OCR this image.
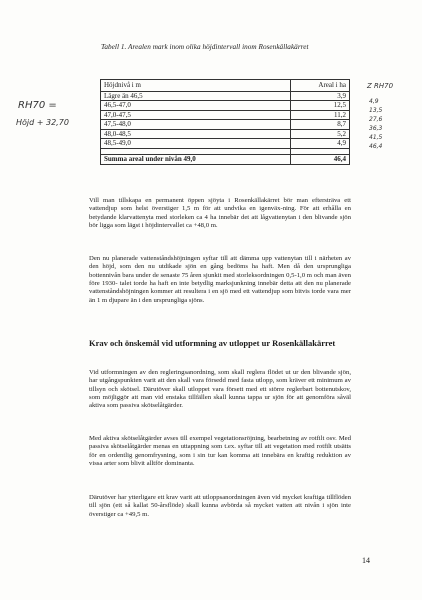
Tabell 1. Arealen mark inom olika höjdintervall inom Rosenkällakärret
Höjdnivå i m	Areal i ha
Lägre än 46,5	3,9
46,5-47,0	12,5
47,0-47,5	11,2
47,5-48,0	8,7
48,0-48,5	5,2
48,5-49,0	4,9

Summa areal under nivån 49,0	46,4
RH70 =
Höjd + 32,70
Z RH70
4,9
13,5
27,6
36,3
41,5
46,4

Vill man tillskapa en permanent öppen sjöyta i Rosenkällakärret bör man eftersträva ett vattendjup som helst överstiger 1,5 m för att undvika en igenväx-ning. För att erhålla en betydande klarvattenyta med storleken ca 4 ha innebär det att lågvattenytan i den blivande sjön bör ligga som lägst i höjdintervallet ca +48,0 m.

Den nu planerade vattenståndshöjningen syftar till att dämma upp vattenytan till i närheten av den höjd, som den nu utdikade sjön en gång bedöms ha haft. Men då den ursprungliga bottennivån bara under de senaste 75 åren sjunkit med storleksordningen 0,5-1,0 m och man även före 1930- talet torde ha haft en inte betydlig marksjunkning innebär detta att den nu planerade vattenståndshöjningen kommer att resultera i en sjö med ett vattendjup som bitvis torde vara mer än 1 m djupare än i den ursprungliga sjöns.

Krav och önskemål vid utformning av utloppet ur Rosenkällakärret

Vid utformningen av den regleringsanordning, som skall reglera flödet ut ur den blivande sjön, har utgångspunkten varit att den skall vara försedd med fasta utlopp, som kräver ett minimum av tillsyn och skötsel. Därutöver skall utloppet vara försett med ett större reglerbart bottenutskov, som möjliggör att man vid enstaka tillfällen skall kunna tappa ur sjön för att genomföra såväl aktiva som passiva skötselåtgärder.

Med aktiva skötselåtgärder avses till exempel vegetationsröjning, bearbetning av rotfilt osv. Med passiva skötselåtgärder menas en uttappning som t.ex. syftar till att vegetation med rotfilt utsätts för en ordentlig genomfrysning, som i sin tur kan komma att innebära en kraftig reduktion av vissa arter som blivit alltför dominanta.

Därutöver har ytterligare ett krav varit att utloppsanordningen även vid mycket kraftiga tillflöden till sjön (ett så kallat 50-årsflöde) skall kunna avbörda så mycket vatten att nivån i sjön inte överstiger ca +49,5 m.

14
